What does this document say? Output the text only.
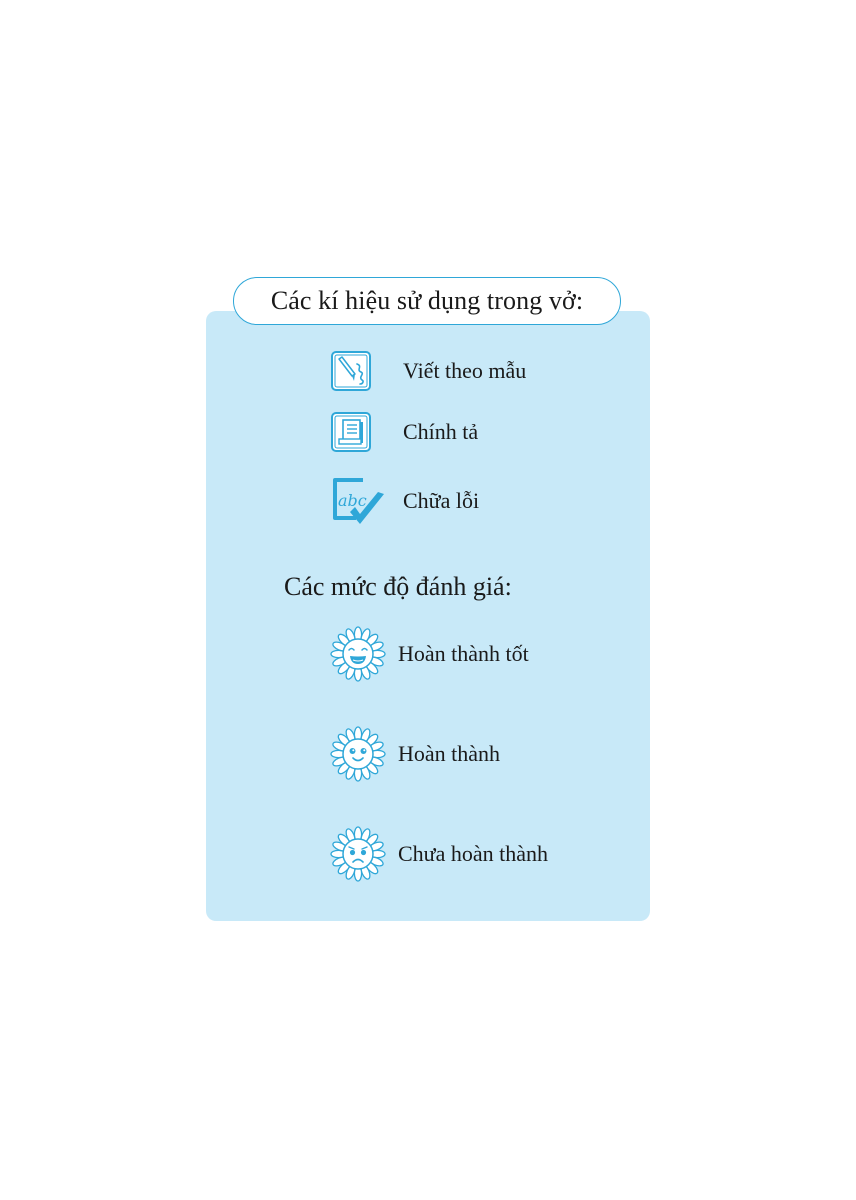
Các kí hiệu sử dụng trong vở:
Viết theo mẫu
Chính tả
abc Chữa lỗi
Các mức độ đánh giá:
Hoàn thành tốt
Hoàn thành
Chưa hoàn thành
